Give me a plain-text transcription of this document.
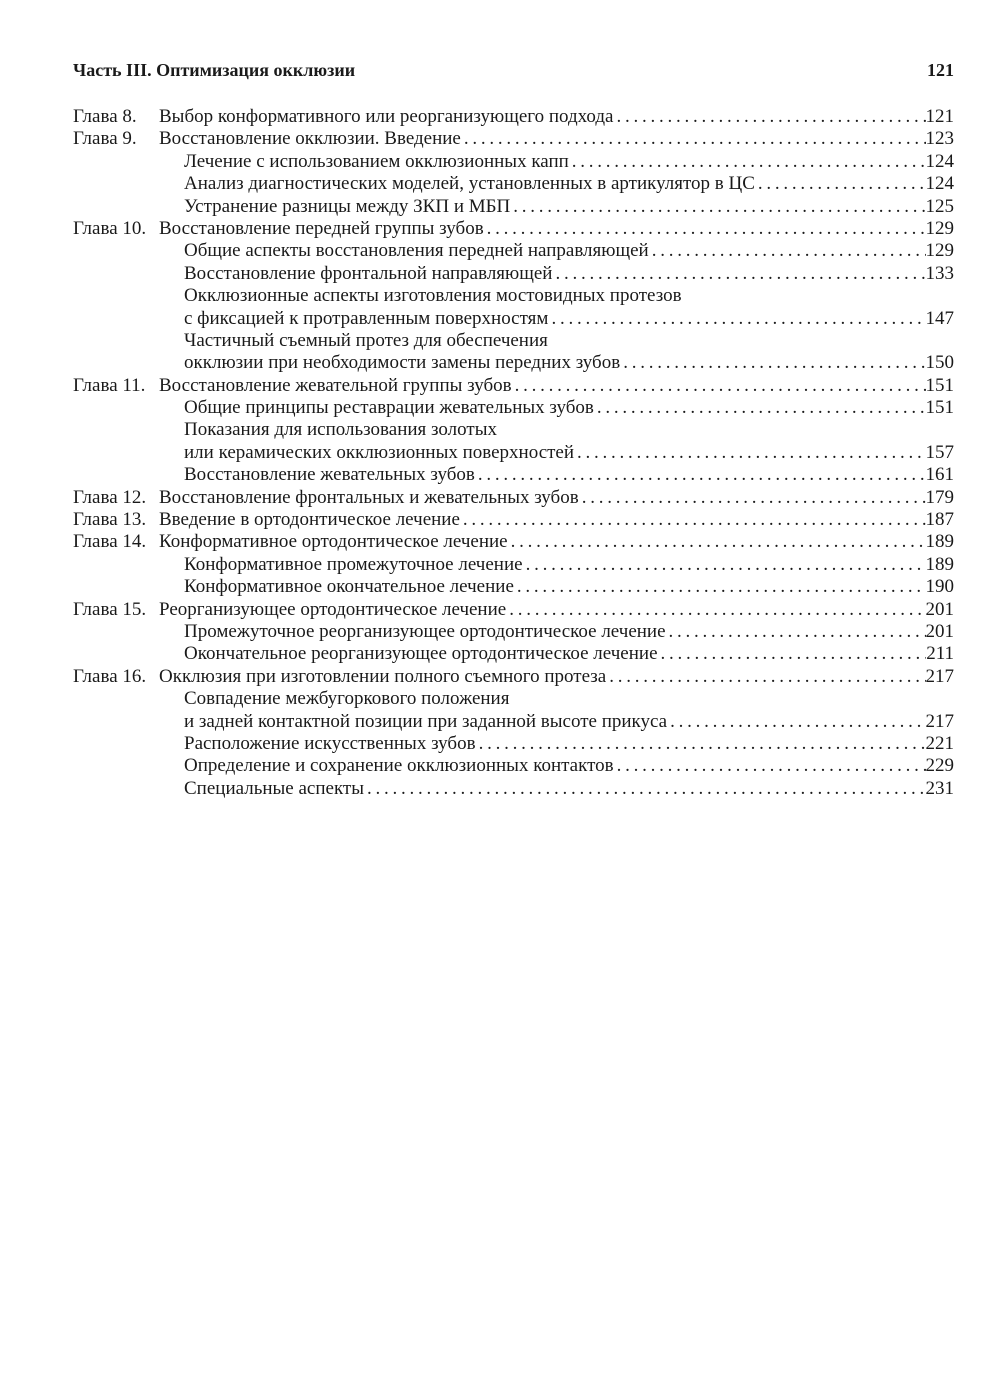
Часть III. Оптимизация окклюзии	121
Глава 8.	Выбор конформативного или реорганизующего подхода . . .	121
Глава 9.	Восстановление окклюзии. Введение . . .	123
Лечение с использованием окклюзионных капп . . .	124
Анализ диагностических моделей, установленных в артикулятор в ЦС . . .	124
Устранение разницы между ЗКП и МБП . . .	125
Глава 10. Восстановление передней группы зубов . . .	129
Общие аспекты восстановления передней направляющей . . .	129
Восстановление фронтальной направляющей . . .	133
Окклюзионные аспекты изготовления мостовидных протезов
с фиксацией к протравленным поверхностям . . .	147
Частичный съемный протез для обеспечения
окклюзии при необходимости замены передних зубов . . .	150
Глава 11. Восстановление жевательной группы зубов . . .	151
Общие принципы реставрации жевательных зубов . . .	151
Показания для использования золотых
или керамических окклюзионных поверхностей . . .	157
Восстановление жевательных зубов . . .	161
Глава 12. Восстановление фронтальных и жевательных зубов . . .	179
Глава 13. Введение в ортодонтическое лечение . . .	187
Глава 14. Конформативное ортодонтическое лечение . . .	189
Конформативное промежуточное лечение . . .	189
Конформативное окончательное лечение . . .	190
Глава 15. Реорганизующее ортодонтическое лечение . . .	201
Промежуточное реорганизующее ортодонтическое лечение . . .	201
Окончательное реорганизующее ортодонтическое лечение . . .	211
Глава 16. Окклюзия при изготовлении полного съемного протеза . . .	217
Совпадение межбугоркового положения
и задней контактной позиции при заданной высоте прикуса . . .	217
Расположение искусственных зубов . . .	221
Определение и сохранение окклюзионных контактов . . .	229
Специальные аспекты . . .	231
